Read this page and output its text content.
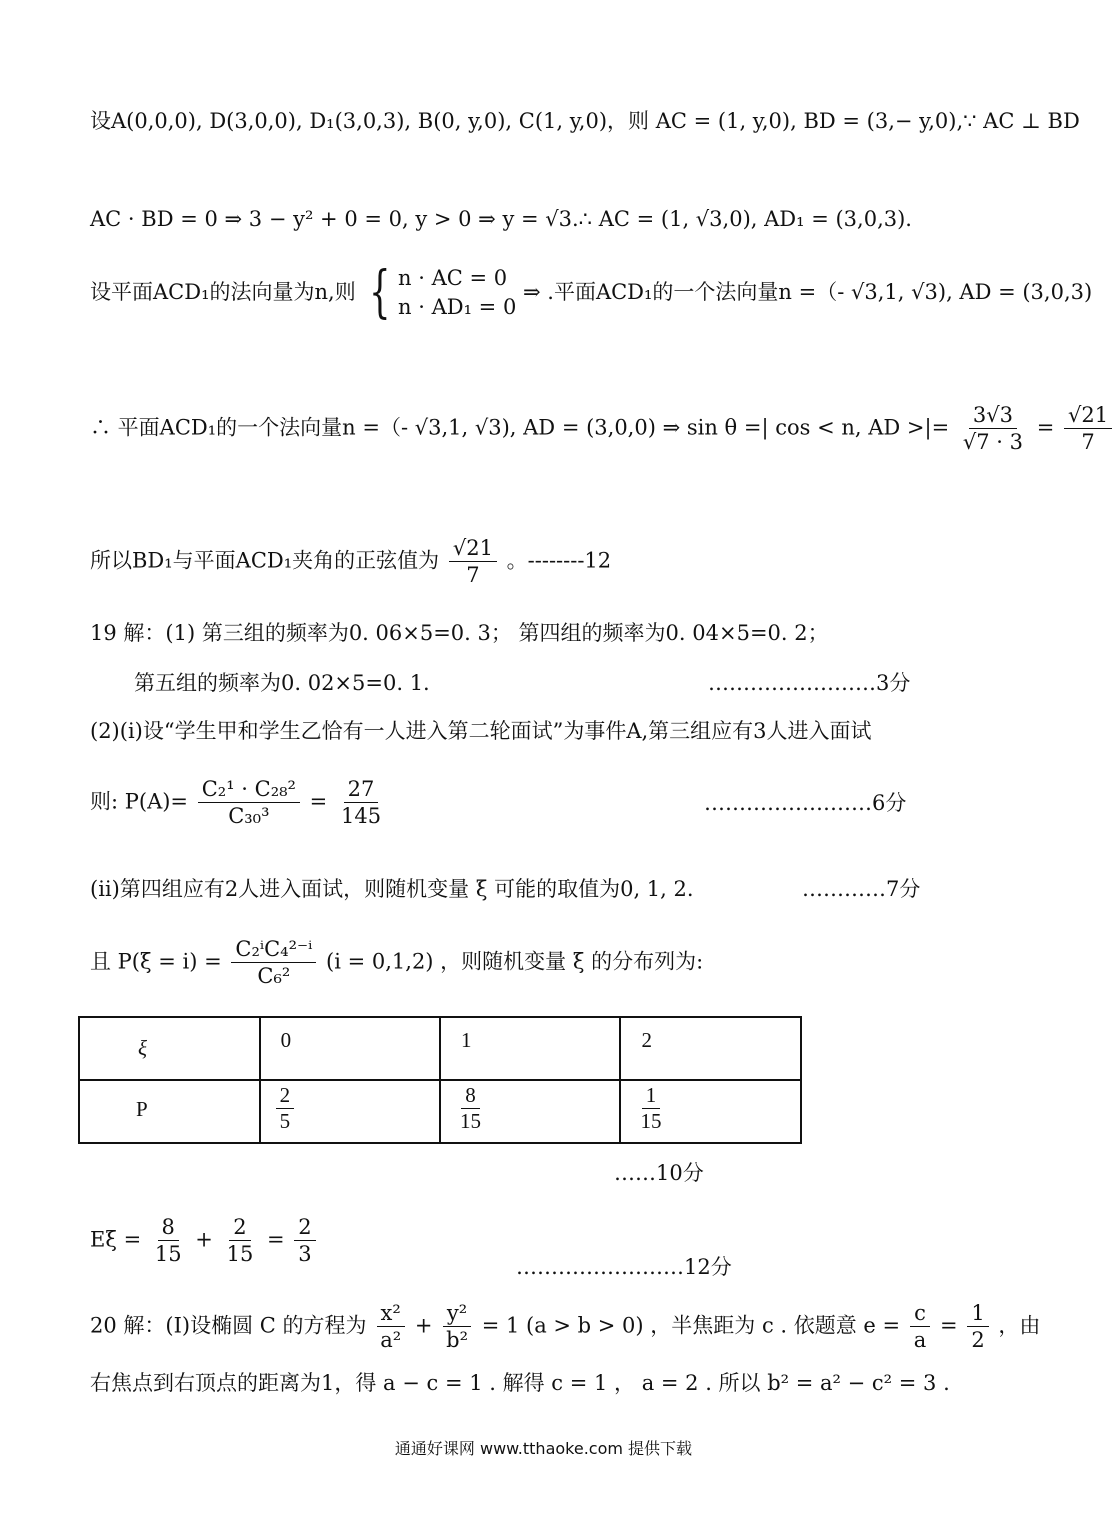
设A(0,0,0), D(3,0,0), D₁(3,0,3), B(0, y,0), C(1, y,0)，则 AC = (1, y,0), BD = (3,− y,0),∵ AC ⊥ BD
AC · BD = 0 ⇒ 3 − y² + 0 = 0, y > 0 ⇒ y = √3.∴ AC = (1, √3,0), AD₁ = (3,0,3).
设平面ACD₁的法向量为n,则 { n · AC = 0
n · AD₁ = 0
⇒ .平面ACD₁的一个法向量n =（- √3,1, √3), AD = (3,0,3)
∴ 平面ACD₁的一个法向量n =（- √3,1, √3), AD = (3,0,0) ⇒ sin θ =| cos < n, AD >|= $\frac{3√3}{√7 \cdot 3} = \frac{√21}{7}$
所以BD₁与平面ACD₁夹角的正弦值为 $\frac{√21}{7}$ 。--------12
19 解：(1) 第三组的频率为0. 06×5=0. 3； 第四组的频率为0. 04×5=0. 2；
第五组的频率为0. 02×5=0. 1.	……………………3分
(2)(ⅰ)设“学生甲和学生乙恰有一人进入第二轮面试”为事件A,第三组应有3人进入面试
则: $P(A)= \frac{\text{C₂¹ · C₂₈²}}{\text{C₃₀³}} = \frac{27}{145}$	……………………6分
(ⅱ)第四组应有2人进入面试，则随机变量 ξ 可能的取值为0, 1, 2.	…………7分
且 $P(\xi = i) = \frac{\text{C₂ⁱC₄²⁻ⁱ}}{\text{C₆²}} (i = 0,1,2)$ ，则随机变量 ξ 的分布列为:
ξ	0	1	2
P	$\frac{2}{5}$	$\frac{8}{15}$	$\frac{1}{15}$
……10分
$E\xi = \frac{8}{15} + \frac{2}{15} = \frac{2}{3}$	……………………12分
20 解：(Ⅰ)设椭圆 C 的方程为 $\frac{\text{x²}}{\text{a²}} + \frac{\text{y²}}{\text{b²}} = 1$ (a > b > 0) ，半焦距为 c . 依题意 $e = \frac{c}{a} = \frac{1}{2}$ ，由
右焦点到右顶点的距离为1，得 a − c = 1 . 解得 c = 1 ， a = 2 . 所以 b² = a² − c² = 3 .
通通好课网 www.tthaoke.com 提供下载
